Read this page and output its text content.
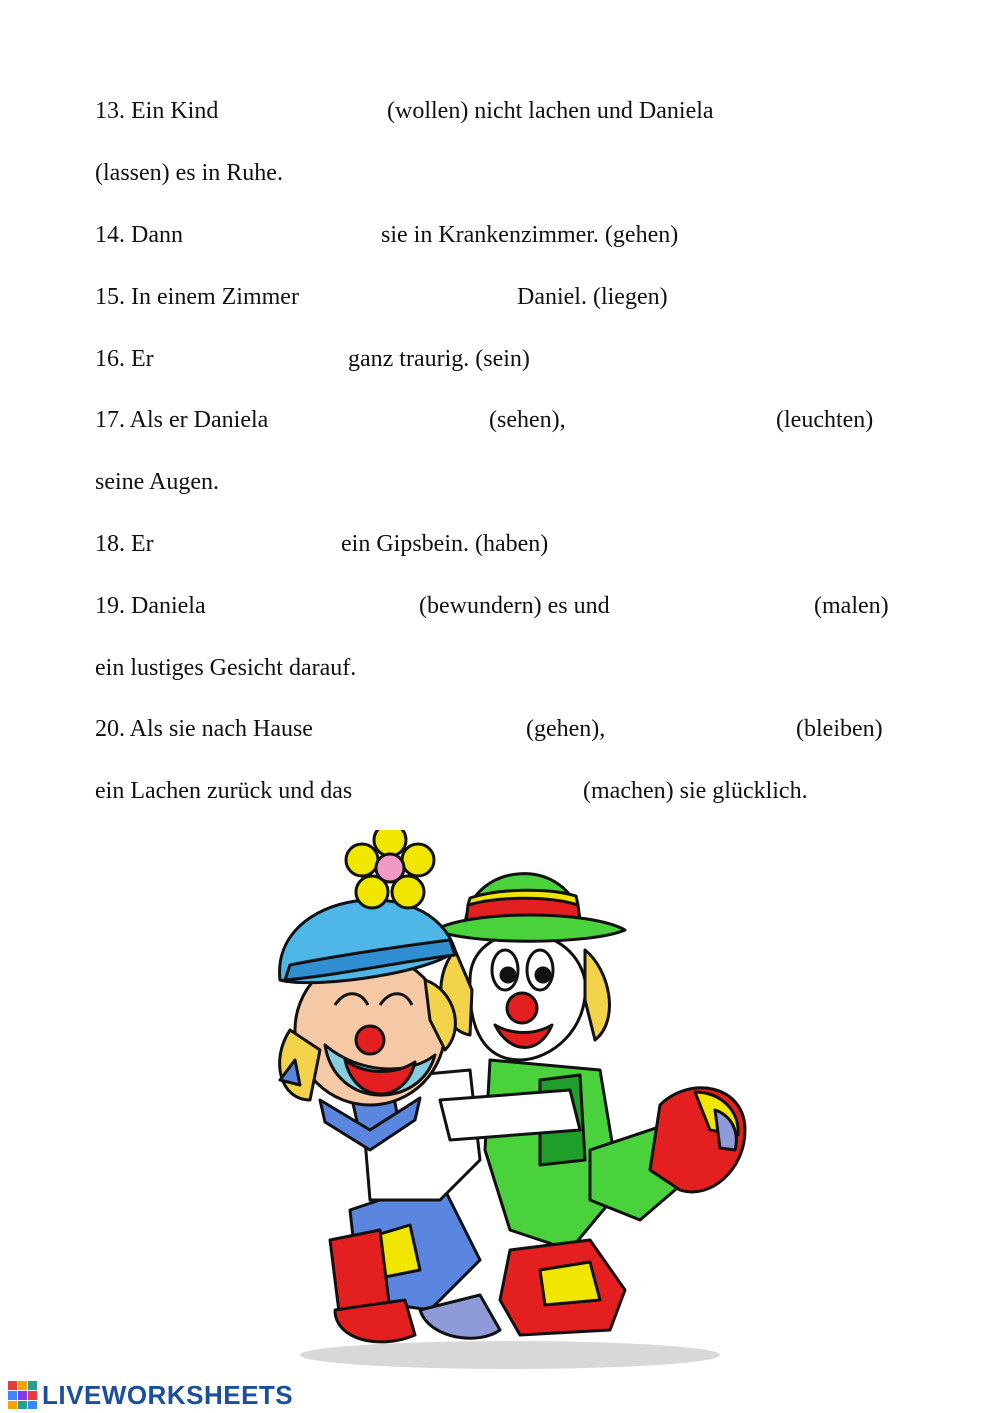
13. Ein Kind	(wollen) nicht lachen und Daniela
(lassen) es in Ruhe.
14. Dann	sie in Krankenzimmer. (gehen)
15. In einem Zimmer	Daniel. (liegen)
16. Er	ganz traurig. (sein)
17. Als er Daniela	(sehen),	(leuchten)
seine Augen.
18. Er	ein Gipsbein. (haben)
19. Daniela	(bewundern) es und	(malen)
ein lustiges Gesicht darauf.
20. Als sie nach Hause	(gehen),	(bleiben)
ein Lachen zurück und das	(machen) sie glücklich.
LIVEWORKSHEETS
